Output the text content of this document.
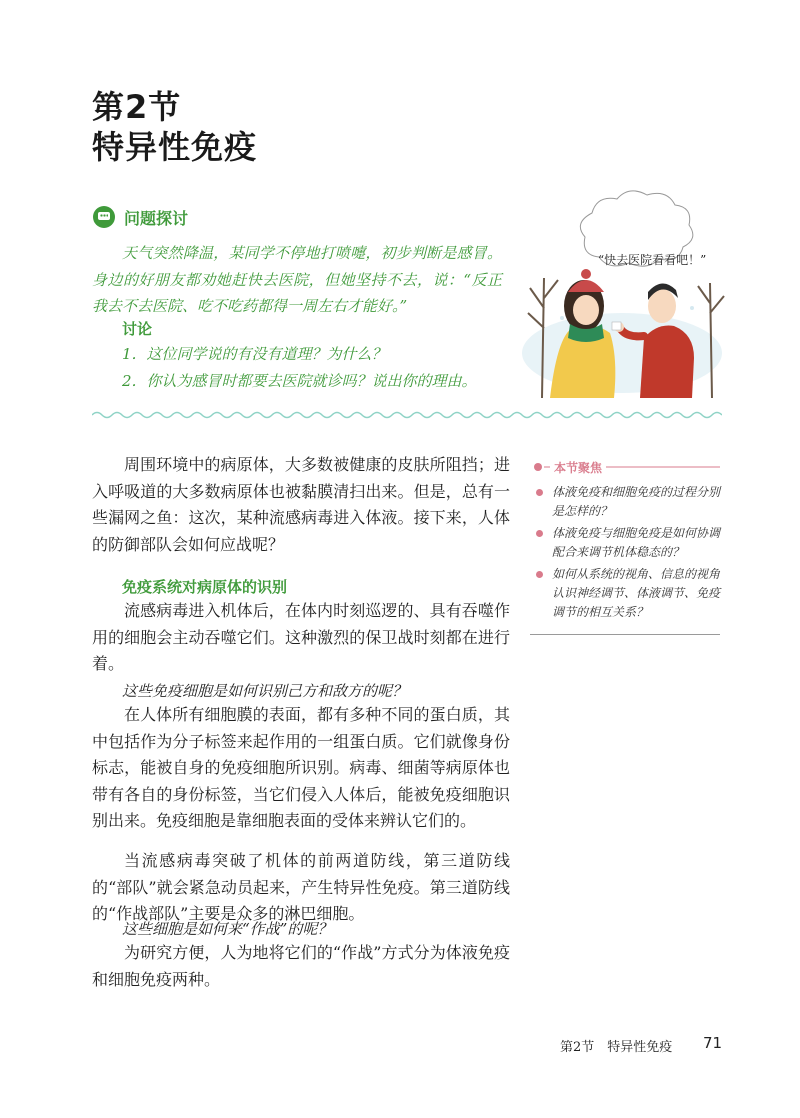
第2节
特异性免疫
问题探讨
天气突然降温，某同学不停地打喷嚏，初步判断是感冒。身边的好朋友都劝她赶快去医院，但她坚持不去，说：“反正我去不去医院、吃不吃药都得一周左右才能好。”
讨论
1．这位同学说的有没有道理？为什么？
2．你认为感冒时都要去医院就诊吗？说出你的理由。
“快去医院看看吧！”
周围环境中的病原体，大多数被健康的皮肤所阻挡；进入呼吸道的大多数病原体也被黏膜清扫出来。但是，总有一些漏网之鱼：这次，某种流感病毒进入体液。接下来，人体的防御部队会如何应战呢？
免疫系统对病原体的识别
流感病毒进入机体后，在体内时刻巡逻的、具有吞噬作用的细胞会主动吞噬它们。这种激烈的保卫战时刻都在进行着。
这些免疫细胞是如何识别己方和敌方的呢？
在人体所有细胞膜的表面，都有多种不同的蛋白质，其中包括作为分子标签来起作用的一组蛋白质。它们就像身份标志，能被自身的免疫细胞所识别。病毒、细菌等病原体也带有各自的身份标签，当它们侵入人体后，能被免疫细胞识别出来。免疫细胞是靠细胞表面的受体来辨认它们的。
当流感病毒突破了机体的前两道防线，第三道防线的“部队”就会紧急动员起来，产生特异性免疫。第三道防线的“作战部队”主要是众多的淋巴细胞。
这些细胞是如何来“作战”的呢？
为研究方便，人为地将它们的“作战”方式分为体液免疫和细胞免疫两种。
本节聚焦
体液免疫和细胞免疫的过程分别是怎样的？
体液免疫与细胞免疫是如何协调配合来调节机体稳态的？
如何从系统的视角、信息的视角认识神经调节、体液调节、免疫调节的相互关系？
第2节　特异性免疫 71
